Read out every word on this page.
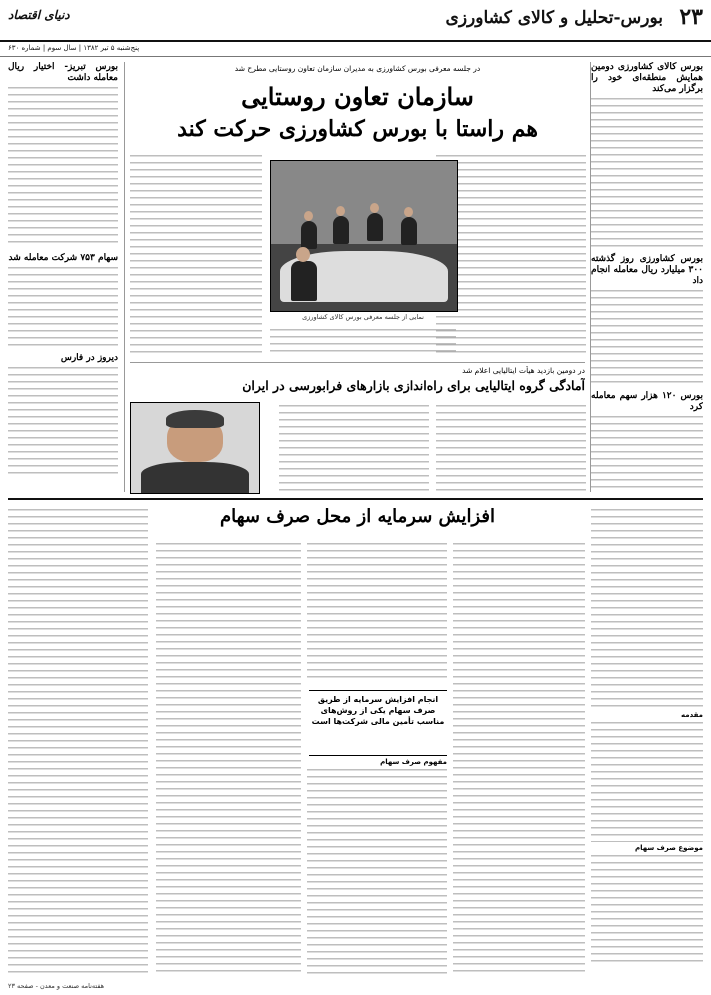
۲۳
بورس-تحلیل و کالای کشاورزی
دنیای اقتصاد
پنج‌شنبه ۵ تیر ۱۳۸۲ | سال سوم | شماره ۶۳۰
بورس کالای کشاورزی دومین همایش منطقه‌ای خود را برگزار می‌کند
بورس کشاورزی روز گذشته ۳۰۰ میلیارد ریال معامله انجام داد
بورس ۱۲۰ هزار سهم معامله کرد
بورس تبریز- اختیار ریال معامله داشت
سهام ۷۵۳ شرکت معامله شد
دیروز در فارس
در جلسه معرفی بورس کشاورزی به مدیران سازمان تعاون روستایی مطرح شد
سازمان تعاون روستایی
هم راستا با بورس کشاورزی حرکت کند
نمایی از جلسه معرفی بورس کالای کشاورزی
در دومین بازدید هیأت ایتالیایی اعلام شد
آمادگی گروه ایتالیایی برای راه‌اندازی بازارهای فرابورسی در ایران
افزایش سرمایه از محل صرف سهام
مقدمه
موضوع صرف سهام
انجام افزایش سرمایه از طریق صرف سهام یکی از روش‌های مناسب تأمین مالی شرکت‌ها است
مفهوم صرف سهام
هفته‌نامه صنعت و معدن - صفحه ۲۳
